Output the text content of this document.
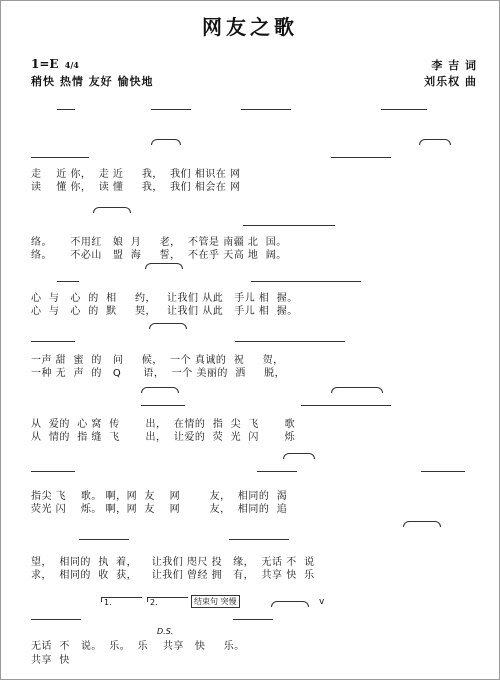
网友之歌
1=E 4/4
稍快 热情 友好 愉快地
李 吉 词
刘乐权 曲

走    近 你，  走 近     我，  我们 相识在 网
读    懂 你，  读 懂     我，  我们 相会在 网

络。     不用红   娘  月     老，  不管是 南疆 北  国。
络。     不必山   盟  海     誓，  不在乎 天高 地  阔。

心  与   心  的  相     约，   让我们 从此   手儿 相  握。
心  与   心  的  默     契，   让我们 从此   手儿 相  握。

一声 甜  蜜  的   问     候，  一个 真诚的  祝     贺，
一种 无  声  的   Q      语，  一个 美丽的  洒     脱，

从  爱的  心 窝  传       出，  在情的  指  尖  飞       歌
从  情的  指 缝  飞       出，  让爱的  荧  光  闪       烁

指尖 飞    歌。 啊，网  友    网        友，  相同的  渴
荧光 闪    烁。 啊，网  友    网        友，  相同的  追

望，  相同的  执  着，    让我们 咫尺 投   缘，  无话 不  说
求，  相同的  收  获，    让我们 曾经 拥   有，  共享 快  乐
1.	2.	结束句 突慢	v

D.S.
无话  不   说。  乐。  乐    共享   快     乐。
共享  快
